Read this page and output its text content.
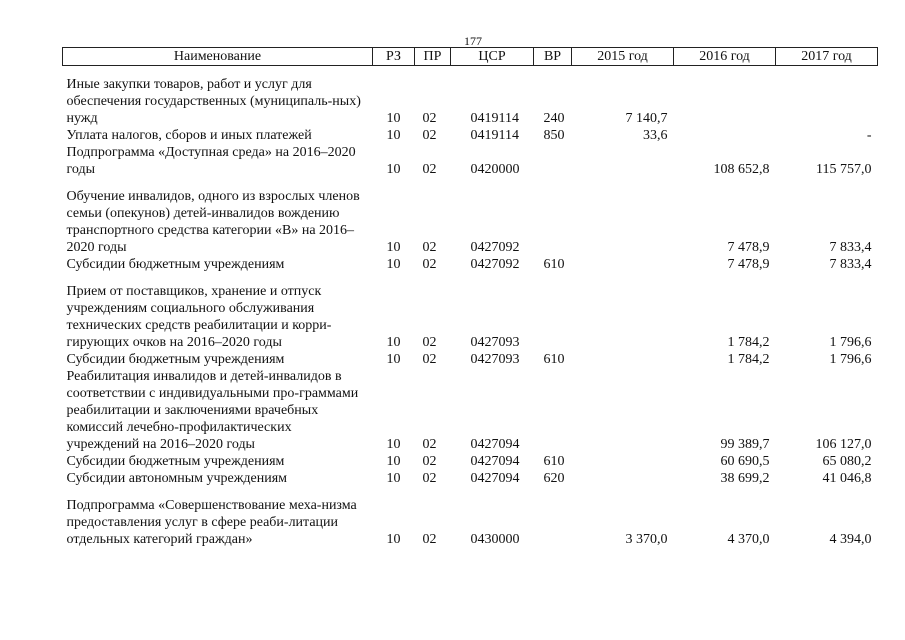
177
Наименование	РЗ	ПР	ЦСР	ВР	2015 год	2016 год	2017 год

Иные закупки товаров, работ и услуг для обеспечения государственных (муниципаль-ных) нужд	10	02	0419114	240	7 140,7		
Уплата налогов, сборов и иных платежей	10	02	0419114	850	33,6		-
Подпрограмма «Доступная среда» на 2016–2020 годы	10	02	0420000			108 652,8	115 757,0

Обучение инвалидов, одного из взрослых членов семьи (опекунов) детей-инвалидов вождению транспортного средства категории «В» на 2016–2020 годы	10	02	0427092			7 478,9	7 833,4
Субсидии бюджетным учреждениям	10	02	0427092	610		7 478,9	7 833,4

Прием от поставщиков, хранение и отпуск учреждениям социального обслуживания технических средств реабилитации и корри-гирующих очков на 2016–2020 годы	10	02	0427093			1 784,2	1 796,6
Субсидии бюджетным учреждениям	10	02	0427093	610		1 784,2	1 796,6
Реабилитация инвалидов и детей-инвалидов в соответствии с индивидуальными про-граммами реабилитации и заключениями врачебных комиссий лечебно-профилактических учреждений на 2016–2020 годы	10	02	0427094			99 389,7	106 127,0
Субсидии бюджетным учреждениям	10	02	0427094	610		60 690,5	65 080,2
Субсидии автономным учреждениям	10	02	0427094	620		38 699,2	41 046,8

Подпрограмма «Совершенствование меха-низма предоставления услуг в сфере реаби-литации отдельных категорий граждан»	10	02	0430000		3 370,0	4 370,0	4 394,0
